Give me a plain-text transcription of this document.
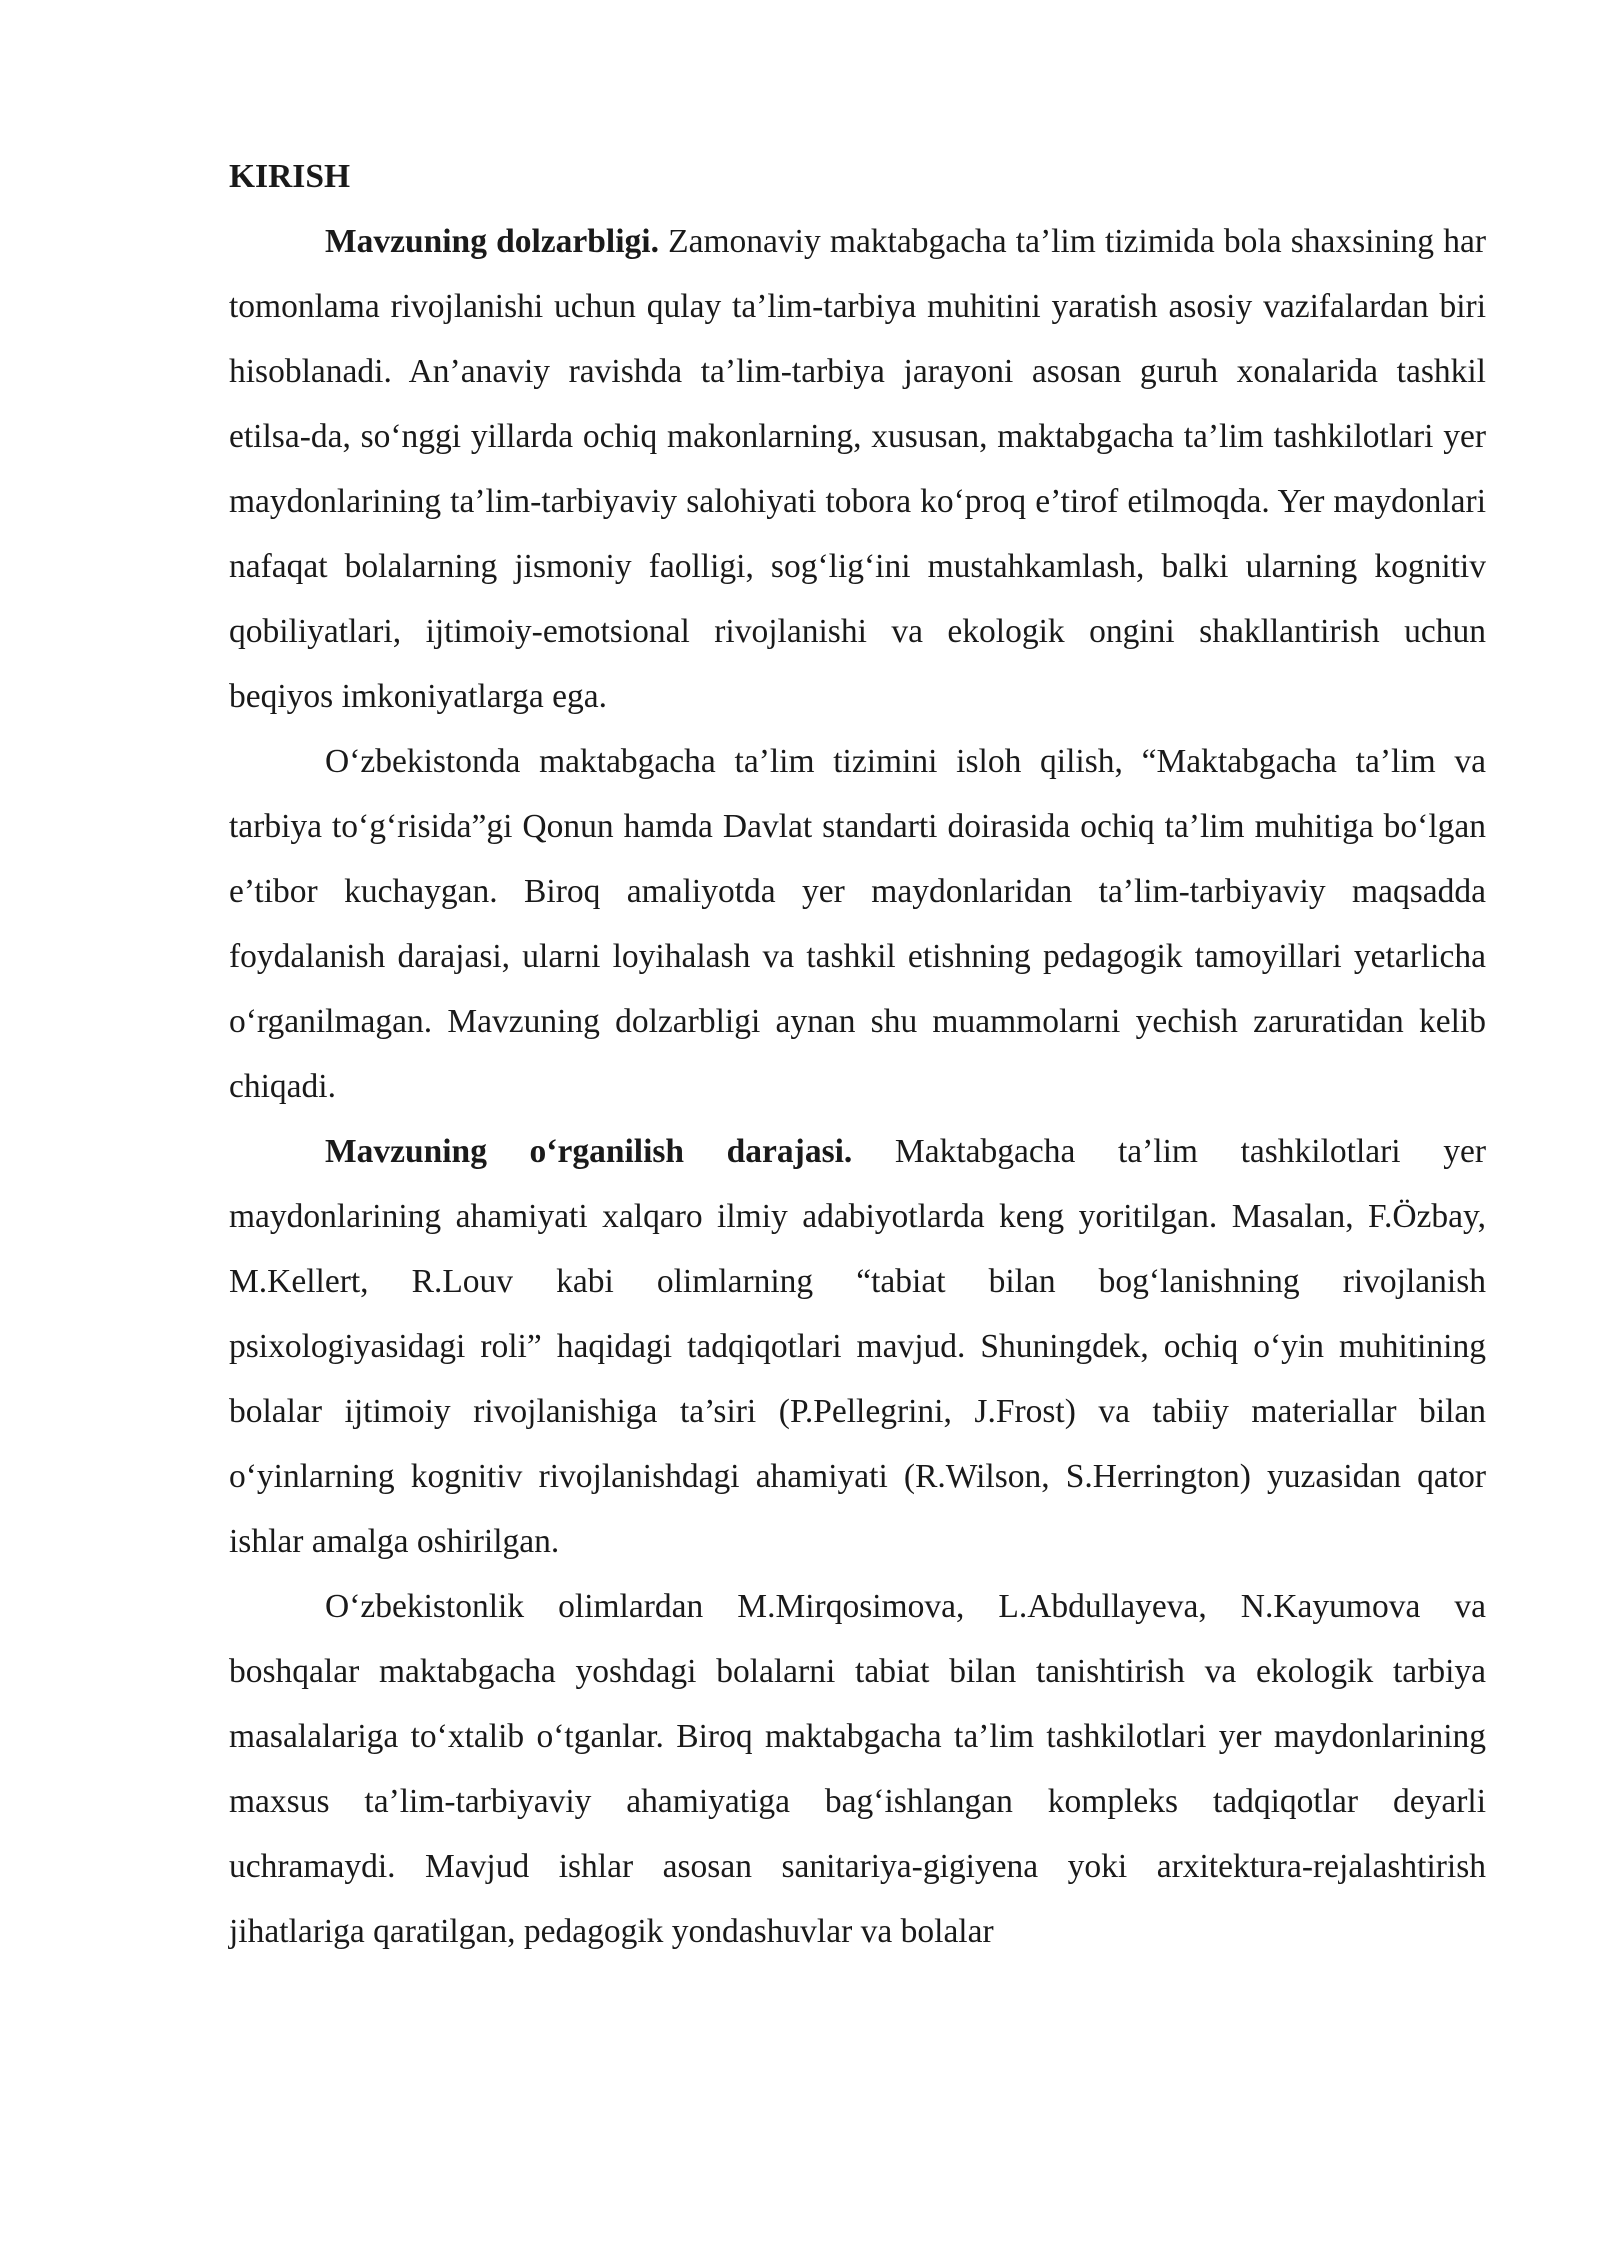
KIRISH

Mavzuning dolzarbligi. Zamonaviy maktabgacha ta’lim tizimida bola shaxsining har tomonlama rivojlanishi uchun qulay ta’lim-tarbiya muhitini yaratish asosiy vazifalardan biri hisoblanadi. An’anaviy ravishda ta’lim-tarbiya jarayoni asosan guruh xonalarida tashkil etilsa-da, so‘nggi yillarda ochiq makonlarning, xususan, maktabgacha ta’lim tashkilotlari yer maydonlarining ta’lim-tarbiyaviy salohiyati tobora ko‘proq e’tirof etilmoqda. Yer maydonlari nafaqat bolalarning jismoniy faolligi, sog‘lig‘ini mustahkamlash, balki ularning kognitiv qobiliyatlari, ijtimoiy-emotsional rivojlanishi va ekologik ongini shakllantirish uchun beqiyos imkoniyatlarga ega.

O‘zbekistonda maktabgacha ta’lim tizimini isloh qilish, “Maktabgacha ta’lim va tarbiya to‘g‘risida”gi Qonun hamda Davlat standarti doirasida ochiq ta’lim muhitiga bo‘lgan e’tibor kuchaygan. Biroq amaliyotda yer maydonlaridan ta’lim-tarbiyaviy maqsadda foydalanish darajasi, ularni loyihalash va tashkil etishning pedagogik tamoyillari yetarlicha o‘rganilmagan. Mavzuning dolzarbligi aynan shu muammolarni yechish zaruratidan kelib chiqadi.

Mavzuning o‘rganilish darajasi. Maktabgacha ta’lim tashkilotlari yer maydonlarining ahamiyati xalqaro ilmiy adabiyotlarda keng yoritilgan. Masalan, F.Özbay, M.Kellert, R.Louv kabi olimlarning “tabiat bilan bog‘lanishning rivojlanish psixologiyasidagi roli” haqidagi tadqiqotlari mavjud. Shuningdek, ochiq o‘yin muhitining bolalar ijtimoiy rivojlanishiga ta’siri (P.Pellegrini, J.Frost) va tabiiy materiallar bilan o‘yinlarning kognitiv rivojlanishdagi ahamiyati (R.Wilson, S.Herrington) yuzasidan qator ishlar amalga oshirilgan.

O‘zbekistonlik olimlardan M.Mirqosimova, L.Abdullayeva, N.Kayumova va boshqalar maktabgacha yoshdagi bolalarni tabiat bilan tanishtirish va ekologik tarbiya masalalariga to‘xtalib o‘tganlar. Biroq maktabgacha ta’lim tashkilotlari yer maydonlarining maxsus ta’lim-tarbiyaviy ahamiyatiga bag‘ishlangan kompleks tadqiqotlar deyarli uchramaydi. Mavjud ishlar asosan sanitariya-gigiyena yoki arxitektura-rejalashtirish jihatlariga qaratilgan, pedagogik yondashuvlar va bolalar
